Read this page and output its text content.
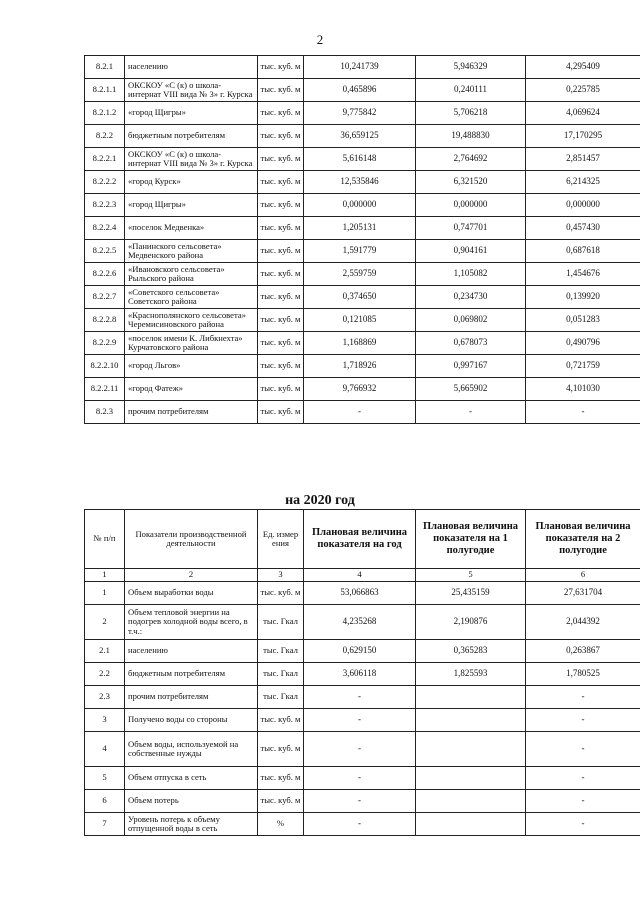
2
8.2.1	населению	тыс. куб. м	10,241739	5,946329	4,295409
8.2.1.1	ОКСКОУ «С (к) о школа-интернат VIII вида № 3» г. Курска	тыс. куб. м	0,465896	0,240111	0,225785
8.2.1.2	«город Щигры»	тыс. куб. м	9,775842	5,706218	4,069624
8.2.2	бюджетным потребителям	тыс. куб. м	36,659125	19,488830	17,170295
8.2.2.1	ОКСКОУ «С (к) о школа-интернат VIII вида № 3» г. Курска	тыс. куб. м	5,616148	2,764692	2,851457
8.2.2.2	«город Курск»	тыс. куб. м	12,535846	6,321520	6,214325
8.2.2.3	«город Щигры»	тыс. куб. м	0,000000	0,000000	0,000000
8.2.2.4	«поселок Медвенка»	тыс. куб. м	1,205131	0,747701	0,457430
8.2.2.5	«Панинского сельсовета» Медвенского района	тыс. куб. м	1,591779	0,904161	0,687618
8.2.2.6	«Ивановского сельсовета» Рыльского района	тыс. куб. м	2,559759	1,105082	1,454676
8.2.2.7	«Советского сельсовета» Советского района	тыс. куб. м	0,374650	0,234730	0,139920
8.2.2.8	«Краснополянского сельсовета» Черемисиновского района	тыс. куб. м	0,121085	0,069802	0,051283
8.2.2.9	«поселок имени К. Либкнехта» Курчатовского района	тыс. куб. м	1,168869	0,678073	0,490796
8.2.2.10	«город Льгов»	тыс. куб. м	1,718926	0,997167	0,721759
8.2.2.11	«город Фатеж»	тыс. куб. м	9,766932	5,665902	4,101030
8.2.3	прочим потребителям	тыс. куб. м	-	-	-
на 2020 год
№ п/п	Показатели производственной деятельности	Ед. измер ения	Плановая величина показателя на год	Плановая величина показателя на 1 полугодие	Плановая величина показателя на 2 полугодие
1	2	3	4	5	6
1	Объем выработки воды	тыс. куб. м	53,066863	25,435159	27,631704
2	Объем тепловой энергии на подогрев холодной воды всего, в т.ч.:	тыс. Гкал	4,235268	2,190876	2,044392
2.1	населению	тыс. Гкал	0,629150	0,365283	0,263867
2.2	бюджетным потребителям	тыс. Гкал	3,606118	1,825593	1,780525
2.3	прочим потребителям	тыс. Гкал	-		-
3	Получено воды со стороны	тыс. куб. м	-		-
4	Объем воды, используемой на собственные нужды	тыс. куб. м	-		-
5	Объем отпуска в сеть	тыс. куб. м	-		-
6	Объем потерь	тыс. куб. м	-		-
7	Уровень потерь к объему отпущенной воды в сеть	%	-		-
